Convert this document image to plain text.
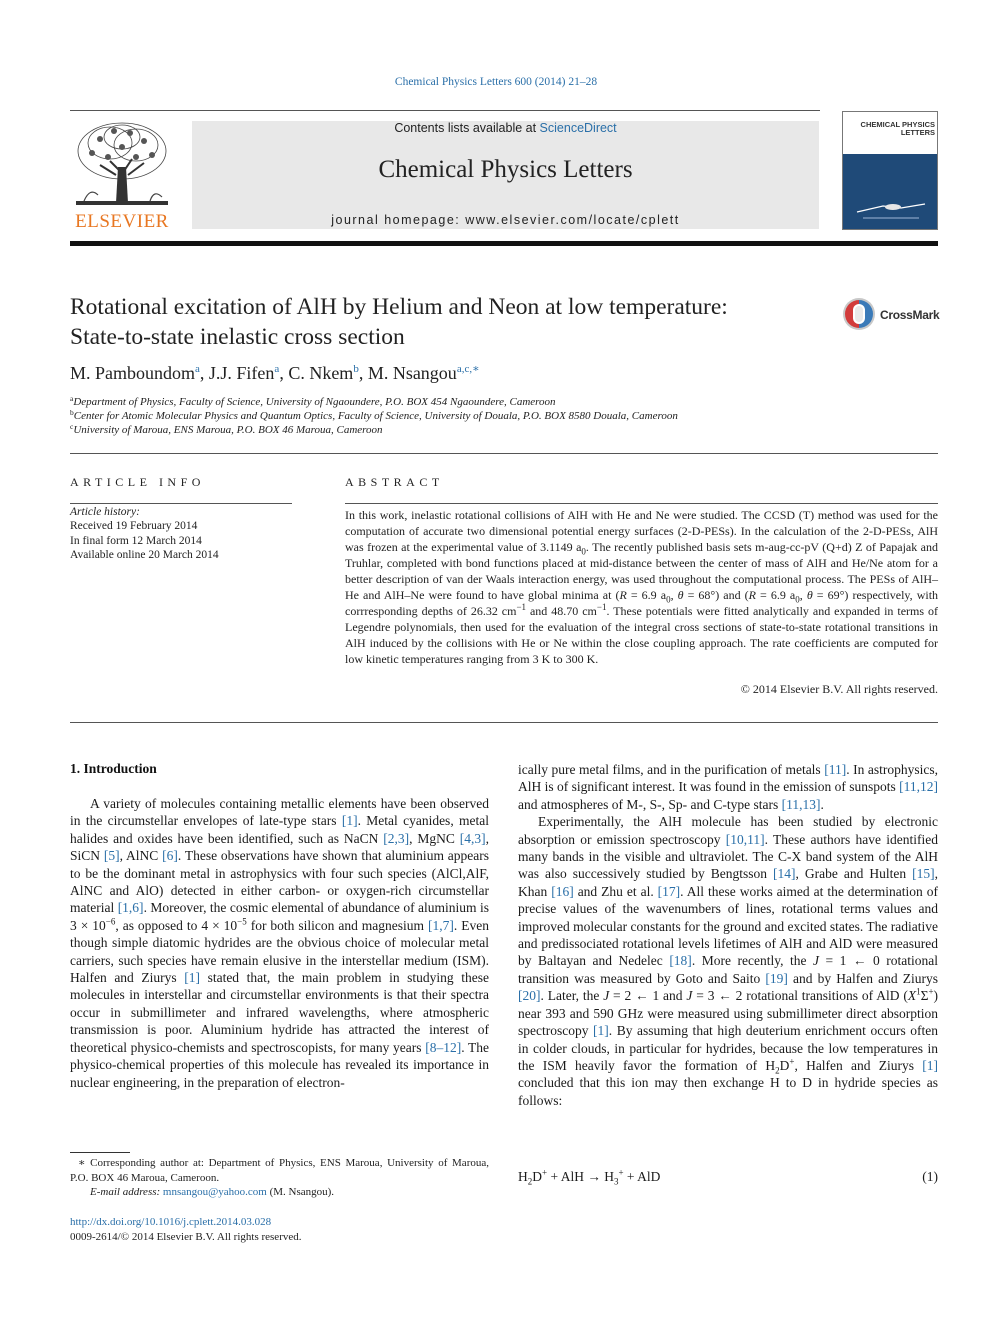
Chemical Physics Letters 600 (2014) 21–28
ELSEVIER
Contents lists available at ScienceDirect
Chemical Physics Letters
journal homepage: www.elsevier.com/locate/cplett
CHEMICAL PHYSICS LETTERS
Rotational excitation of AlH by Helium and Neon at low temperature:
State-to-state inelastic cross section
CrossMark
M. Pamboundom$^a$, J.J. Fifen$^a$, C. Nkem$^b$, M. Nsangou$^{a,c,∗}$
$^a$Department of Physics, Faculty of Science, University of Ngaoundere, P.O. BOX 454 Ngaoundere, Cameroon
$^b$Center for Atomic Molecular Physics and Quantum Optics, Faculty of Science, University of Douala, P.O. BOX 8580 Douala, Cameroon
$^c$University of Maroua, ENS Maroua, P.O. BOX 46 Maroua, Cameroon
ARTICLE INFO
Article history:
Received 19 February 2014
In final form 12 March 2014
Available online 20 March 2014
ABSTRACT
In this work, inelastic rotational collisions of AlH with He and Ne were studied. The CCSD (T) method was used for the computation of accurate two dimensional potential energy surfaces (2-D-PESs). In the calculation of the 2-D-PESs, AlH was frozen at the experimental value of 3.1149 $a_0$. The recently published basis sets m-aug-cc-pV (Q+d) Z of Papajak and Truhlar, completed with bond functions placed at mid-distance between the center of mass of AlH and He/Ne atom for a better description of van der Waals interaction energy, was used throughout the computational process. The PESs of AlH–He and AlH–Ne were found to have global minima at (R = 6.9 $a_0$, θ = 68°) and (R = 6.9 $a_0$, θ = 69°) respectively, with corrresponding depths of 26.32 $cm^{-1}$ and 48.70 $cm^{-1}$. These potentials were fitted analytically and expanded in terms of Legendre polynomials, then used for the evaluation of the integral cross sections of state-to-state rotational transitions in AlH induced by the collisions with He or Ne within the close coupling approach. The rate coefficients are computed for low kinetic temperatures ranging from 3 K to 300 K.
© 2014 Elsevier B.V. All rights reserved.
1. Introduction

A variety of molecules containing metallic elements have been observed in the circumstellar envelopes of late-type stars [1]. Metal cyanides, metal halides and oxides have been identified, such as NaCN [2,3], MgNC [4,3], SiCN [5], AlNC [6]. These observations have shown that aluminium appears to be the dominant metal in astrophysics with four such species (AlCl,AlF, AlNC and AlO) detected in either carbon- or oxygen-rich circumstellar material [1,6]. Moreover, the cosmic elemental of abundance of aluminium is $3 \times 10^{-6}$, as opposed to $4 \times 10^{-5}$ for both silicon and magnesium [1,7]. Even though simple diatomic hydrides are the obvious choice of molecular metal carriers, such species have remain elusive in the interstellar medium (ISM). Halfen and Ziurys [1] stated that, the main problem in studying these molecules in interstellar and circumstellar environments is that their spectra occur in submillimeter and infrared wavelengths, where atmospheric transmission is poor. Aluminium hydride has attracted the interest of theoretical physico-chemists and spectroscopists, for many years [8–12]. The physico-chemical properties of this molecule has revealed its importance in nuclear engineering, in the preparation of electron-

ically pure metal films, and in the purification of metals [11]. In astrophysics, AlH is of significant interest. It was found in the emission of sunspots [11,12] and atmospheres of M-, S-, Sp- and C-type stars [11,13].

Experimentally, the AlH molecule has been studied by electronic absorption or emission spectroscopy [10,11]. These authors have identified many bands in the visible and ultraviolet. The C-X band system of the AlH was also successively studied by Bengtsson [14], Grabe and Hulten [15], Khan [16] and Zhu et al. [17]. All these works aimed at the determination of precise values of the wavenumbers of lines, rotational terms values and improved molecular constants for the ground and excited states. The radiative and predissociated rotational levels lifetimes of AlH and AlD were measured by Baltayan and Nedelec [18]. More recently, the J = 1 ← 0 rotational transition was measured by Goto and Saito [19] and by Halfen and Ziurys [20]. Later, the J = 2 ← 1 and J = 3 ← 2 rotational transitions of AlD $(X^1\Sigma^+)$ near 393 and 590 GHz were measured using submillimeter direct absorption spectroscopy [1]. By assuming that high deuterium enrichment occurs often in colder clouds, in particular for hydrides, because the low temperatures in the ISM heavily favor the formation of $H_2D^+$, Halfen and Ziurys [1] concluded that this ion may then exchange H to D in hydride species as follows:

$H_2D^+$ + AlH → $H_3^+$ + AlD	(1)
∗ Corresponding author at: Department of Physics, ENS Maroua, University of Maroua, P.O. BOX 46 Maroua, Cameroon.
E-mail address: mnsangou@yahoo.com (M. Nsangou).
http://dx.doi.org/10.1016/j.cplett.2014.03.028
0009-2614/© 2014 Elsevier B.V. All rights reserved.
